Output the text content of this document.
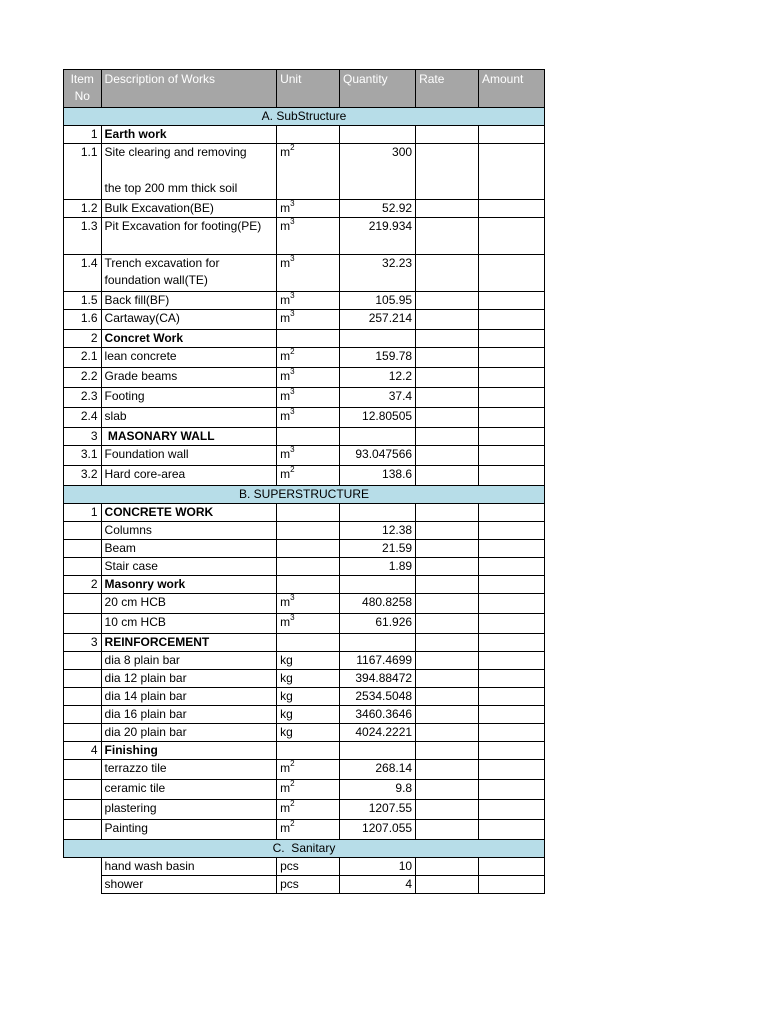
Item No	Description of Works	Unit	Quantity	Rate	Amount
A. SubStructure					
1	Earth work				
1.1	Site clearing and removing
the top 200 mm thick soil	$m^2$	300		
1.2	Bulk Excavation(BE)	$m^3$	52.92		
1.3	Pit Excavation for footing(PE)	$m^3$	219.934		
1.4	Trench excavation for
foundation wall(TE)	$m^3$	32.23		
1.5	Back fill(BF)	$m^3$	105.95		
1.6	Cartaway(CA)	$m^3$	257.214		
2	Concret Work				
2.1	lean concrete	$m^2$	159.78		
2.2	Grade beams	$m^3$	12.2		
2.3	Footing	$m^3$	37.4		
2.4	slab	$m^3$	12.80505		
3	MASONARY WALL				
3.1	Foundation wall	$m^3$	93.047566		
3.2	Hard core-area	$m^2$	138.6		
B. SUPERSTRUCTURE					
1	CONCRETE WORK				
	Columns		12.38		
	Beam		21.59		
	Stair case		1.89		
2	Masonry work				
	20 cm HCB	$m^3$	480.8258		
	10 cm HCB	$m^3$	61.926		
3	REINFORCEMENT				
	dia 8 plain bar	kg	1167.4699		
	dia 12 plain bar	kg	394.88472		
	dia 14 plain bar	kg	2534.5048		
	dia 16 plain bar	kg	3460.3646		
	dia 20 plain bar	kg	4024.2221		
4	Finishing				
	terrazzo tile	$m^2$	268.14		
	ceramic tile	$m^2$	9.8		
	plastering	$m^2$	1207.55		
	Painting	$m^2$	1207.055		
C.  Sanitary					
	hand wash basin	pcs	10		
	shower	pcs	4		
